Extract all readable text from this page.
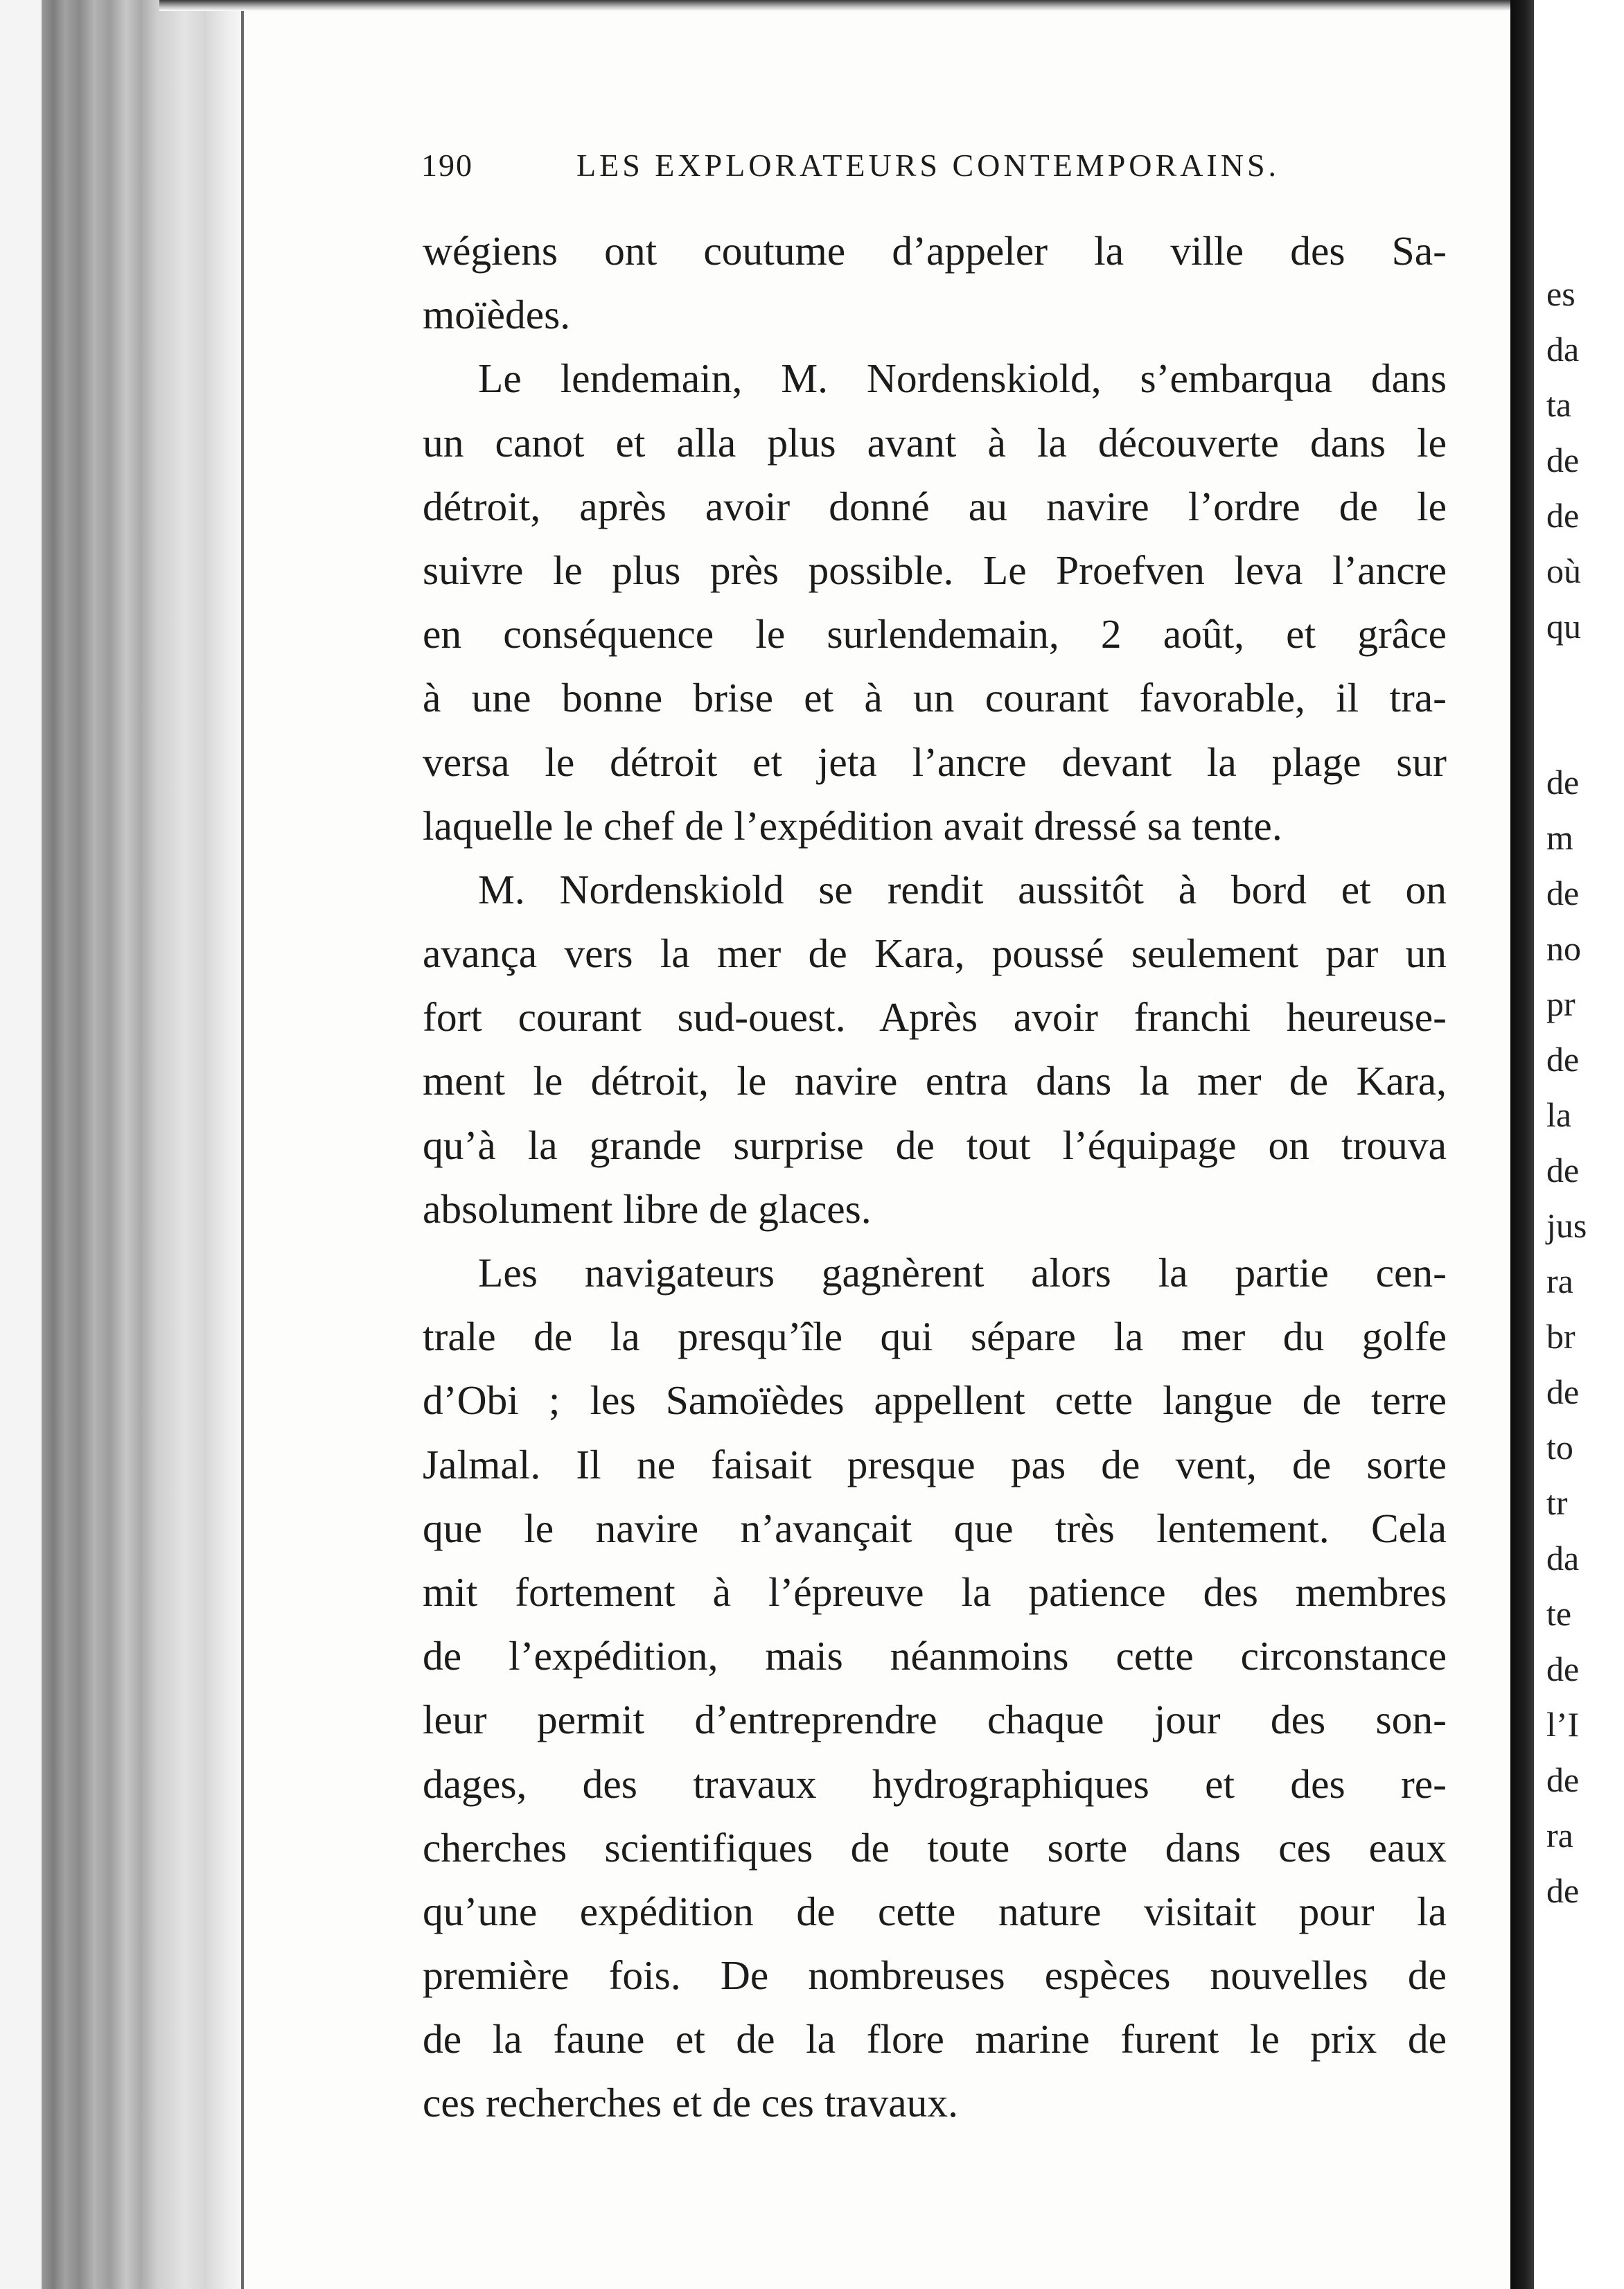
190	LES EXPLORATEURS CONTEMPORAINS.
wégiens ont coutume d’appeler la ville des Sa-
moïèdes.
Le lendemain, M. Nordenskiold, s’embarqua dans
un canot et alla plus avant à la découverte dans le
détroit, après avoir donné au navire l’ordre de le
suivre le plus près possible. Le Proefven leva l’ancre
en conséquence le surlendemain, 2 août, et grâce
à une bonne brise et à un courant favorable, il tra-
versa le détroit et jeta l’ancre devant la plage sur
laquelle le chef de l’expédition avait dressé sa tente.
M. Nordenskiold se rendit aussitôt à bord et on
avança vers la mer de Kara, poussé seulement par un
fort courant sud-ouest. Après avoir franchi heureuse-
ment le détroit, le navire entra dans la mer de Kara,
qu’à la grande surprise de tout l’équipage on trouva
absolument libre de glaces.
Les navigateurs gagnèrent alors la partie cen-
trale de la presqu’île qui sépare la mer du golfe
d’Obi ; les Samoïèdes appellent cette langue de terre
Jalmal. Il ne faisait presque pas de vent, de sorte
que le navire n’avançait que très lentement. Cela
mit fortement à l’épreuve la patience des membres
de l’expédition, mais néanmoins cette circonstance
leur permit d’entreprendre chaque jour des son-
dages, des travaux hydrographiques et des re-
cherches scientifiques de toute sorte dans ces eaux
qu’une expédition de cette nature visitait pour la
première fois. De nombreuses espèces nouvelles de
de la faune et de la flore marine furent le prix de
ces recherches et de ces travaux.
es
da
ta
de
de
où
qu
de
m
de
no
pr
de
la
de
jus
ra
br
de
to
tr
da
te
de
l’I
de
ra
de
